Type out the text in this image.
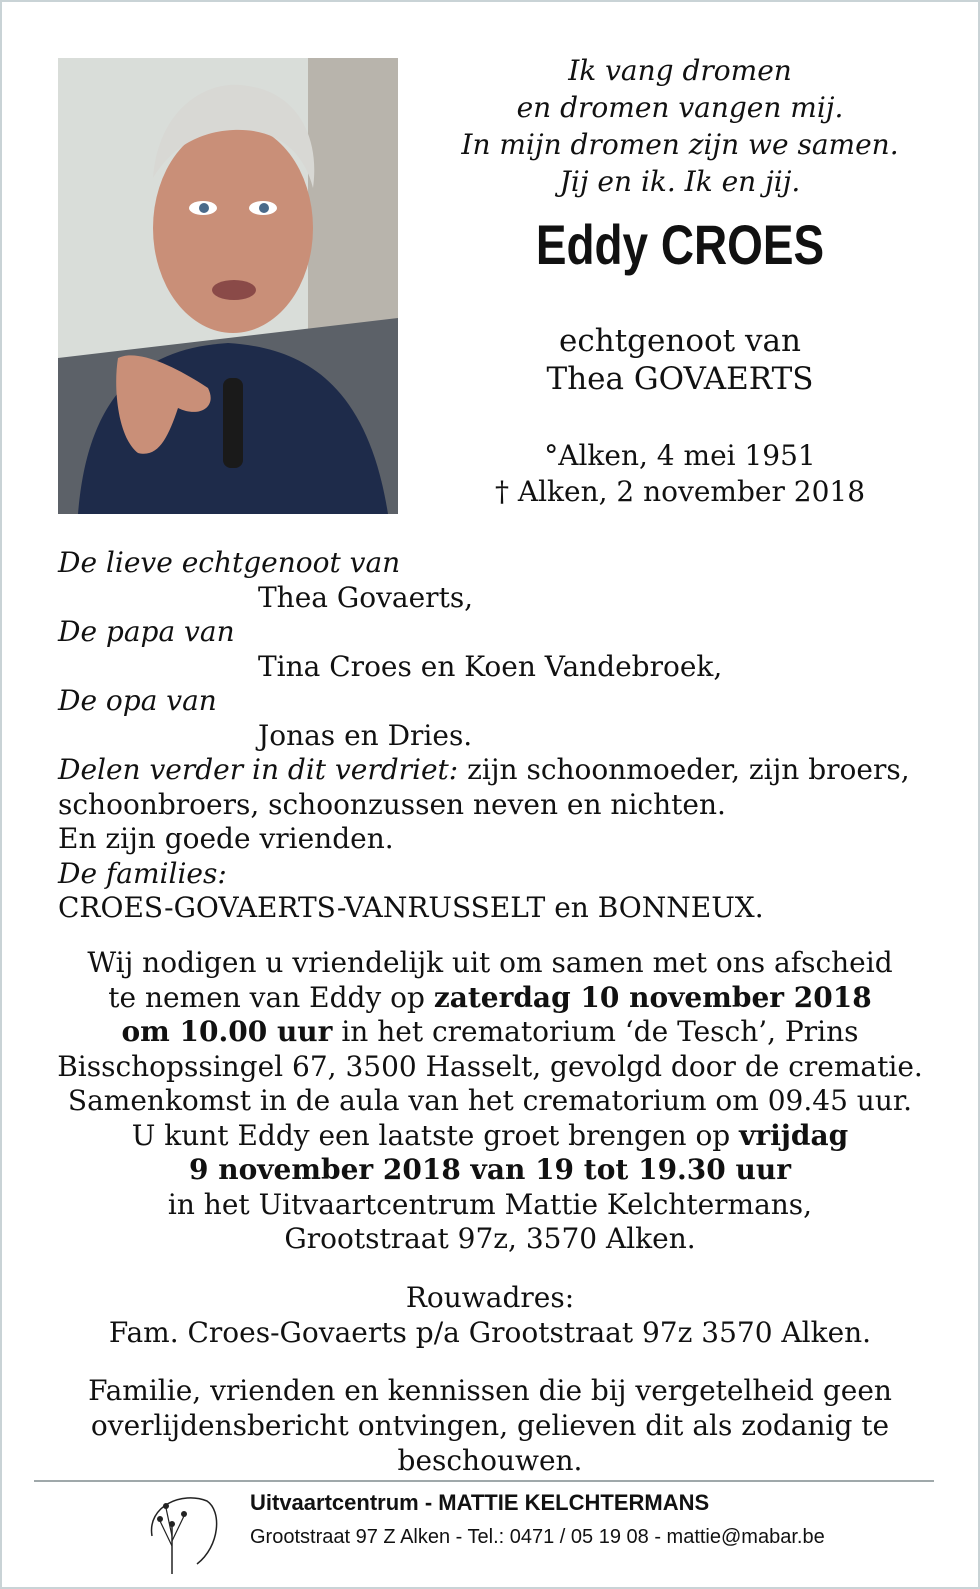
Ik vang dromen
en dromen vangen mij.
In mijn dromen zijn we samen.
Jij en ik. Ik en jij.
Eddy CROES
echtgenoot van
Thea GOVAERTS
°Alken, 4 mei 1951
† Alken, 2 november 2018
De lieve echtgenoot van
Thea Govaerts,
De papa van
Tina Croes en Koen Vandebroek,
De opa van
Jonas en Dries.
Delen verder in dit verdriet: zijn schoonmoeder, zijn broers,
schoonbroers, schoonzussen neven en nichten.
En zijn goede vrienden.
De families:
CROES-GOVAERTS-VANRUSSELT en BONNEUX.
Wij nodigen u vriendelijk uit om samen met ons afscheid
te nemen van Eddy op zaterdag 10 november 2018
om 10.00 uur in het crematorium ‘de Tesch’, Prins
Bisschopssingel 67, 3500 Hasselt, gevolgd door de crematie.
Samenkomst in de aula van het crematorium om 09.45 uur.
U kunt Eddy een laatste groet brengen op vrijdag
9 november 2018 van 19 tot 19.30 uur
in het Uitvaartcentrum Mattie Kelchtermans,
Grootstraat 97z, 3570 Alken.
Rouwadres:
Fam. Croes-Govaerts p/a Grootstraat 97z 3570 Alken.
Familie, vrienden en kennissen die bij vergetelheid geen
overlijdensbericht ontvingen, gelieven dit als zodanig te
beschouwen.
Uitvaartcentrum - MATTIE KELCHTERMANS
Grootstraat 97 Z Alken - Tel.: 0471 / 05 19 08 - mattie@mabar.be
